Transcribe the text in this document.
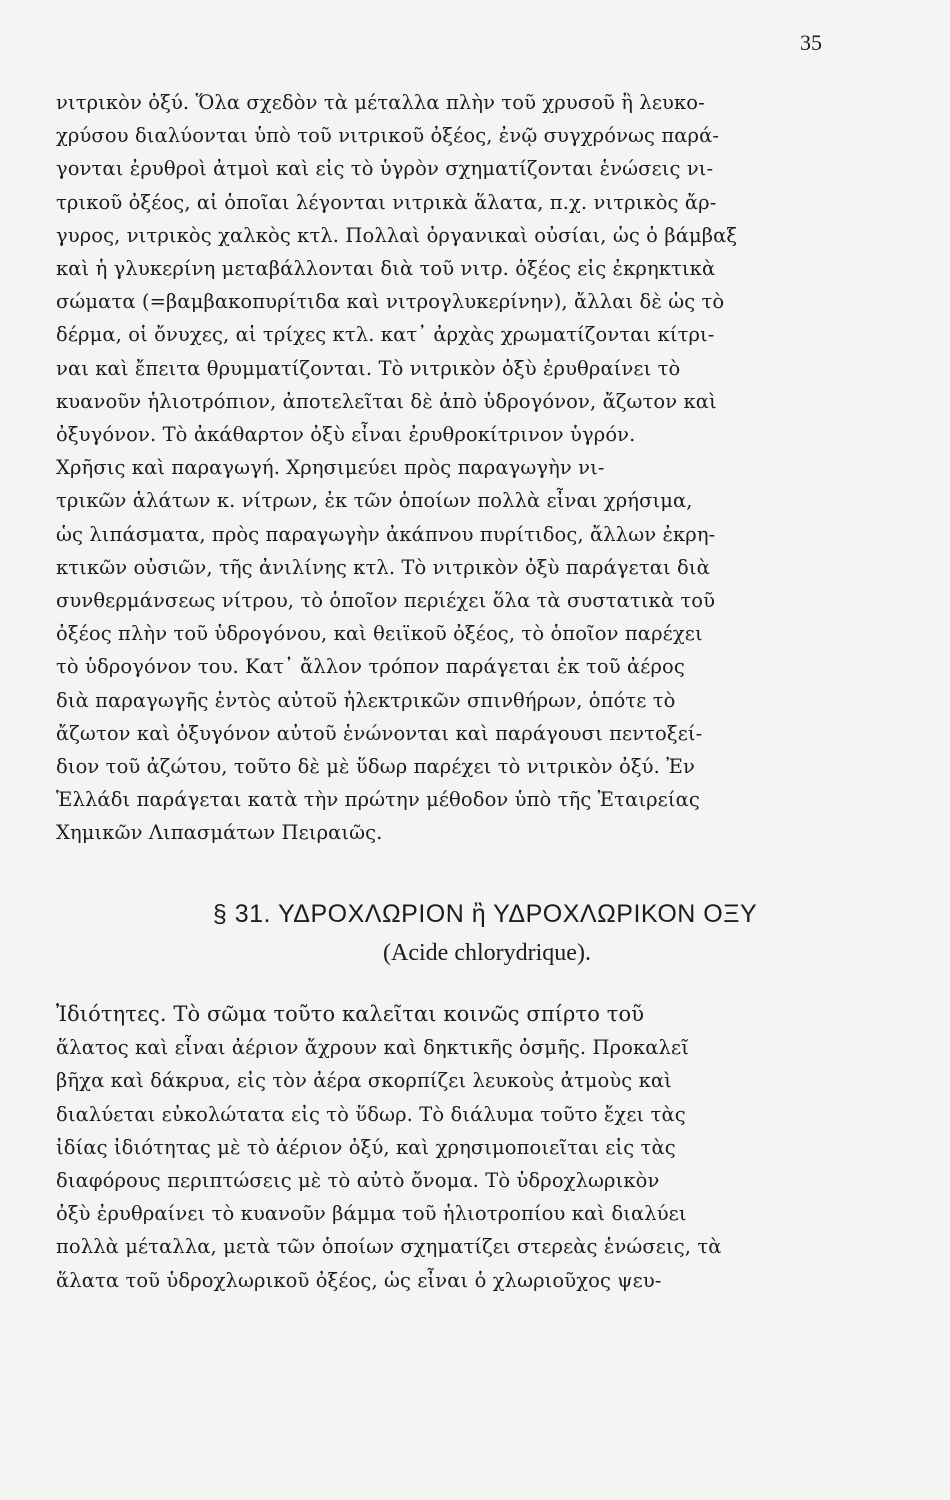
35
νιτρικὸν ὀξύ. Ὅλα σχεδὸν τὰ μέταλλα πλὴν τοῦ χρυσοῦ ἢ λευκο-
χρύσου διαλύονται ὑπὸ τοῦ νιτρικοῦ ὀξέος, ἐνῷ συγχρόνως παρά-
γονται ἐρυθροὶ ἀτμοὶ καὶ εἰς τὸ ὑγρὸν σχηματίζονται ἑνώσεις νι-
τρικοῦ ὀξέος, αἱ ὁποῖαι λέγονται νιτρικὰ ἅλατα, π.χ. νιτρικὸς ἄρ-
γυρος, νιτρικὸς χαλκὸς κτλ. Πολλαὶ ὀργανικαὶ οὐσίαι, ὡς ὁ βάμβαξ
καὶ ἡ γλυκερίνη μεταβάλλονται διὰ τοῦ νιτρ. ὀξέος εἰς ἐκρηκτικὰ
σώματα (=βαμβακοπυρίτιδα καὶ νιτρογλυκερίνην), ἄλλαι δὲ ὡς τὸ
δέρμα, οἱ ὄνυχες, αἱ τρίχες κτλ. κατ᾽ ἀρχὰς χρωματίζονται κίτρι-
ναι καὶ ἔπειτα θρυμματίζονται. Τὸ νιτρικὸν ὀξὺ ἐρυθραίνει τὸ
κυανοῦν ἡλιοτρόπιον, ἀποτελεῖται δὲ ἀπὸ ὑδρογόνον, ἄζωτον καὶ
ὀξυγόνον. Τὸ ἀκάθαρτον ὀξὺ εἶναι ἐρυθροκίτρινον ὑγρόν.
Χρῆσις καὶ παραγωγή. Χρησιμεύει πρὸς παραγωγὴν νι-
τρικῶν ἁλάτων κ. νίτρων, ἐκ τῶν ὁποίων πολλὰ εἶναι χρήσιμα,
ὡς λιπάσματα, πρὸς παραγωγὴν ἀκάπνου πυρίτιδος, ἄλλων ἐκρη-
κτικῶν οὐσιῶν, τῆς ἀνιλίνης κτλ. Τὸ νιτρικὸν ὀξὺ παράγεται διὰ
συνθερμάνσεως νίτρου, τὸ ὁποῖον περιέχει ὅλα τὰ συστατικὰ τοῦ
ὀξέος πλὴν τοῦ ὑδρογόνου, καὶ θειϊκοῦ ὀξέος, τὸ ὁποῖον παρέχει
τὸ ὑδρογόνον του. Κατ᾽ ἄλλον τρόπον παράγεται ἐκ τοῦ ἀέρος
διὰ παραγωγῆς ἐντὸς αὐτοῦ ἠλεκτρικῶν σπινθήρων, ὁπότε τὸ
ἄζωτον καὶ ὀξυγόνον αὐτοῦ ἑνώνονται καὶ παράγουσι πεντοξεί-
διον τοῦ ἀζώτου, τοῦτο δὲ μὲ ὕδωρ παρέχει τὸ νιτρικὸν ὀξύ. Ἐν
Ἑλλάδι παράγεται κατὰ τὴν πρώτην μέθοδον ὑπὸ τῆς Ἑταιρείας
Χημικῶν Λιπασμάτων Πειραιῶς.
§ 31. ΥΔΡΟΧΛΩΡΙΟΝ ἢ ΥΔΡΟΧΛΩΡΙΚΟΝ ΟΞΥ
(Acide chlorydrique).
Ἰδιότητες. Τὸ σῶμα τοῦτο καλεῖται κοινῶς σπίρτο τοῦ
ἅλατος καὶ εἶναι ἀέριον ἄχρουν καὶ δηκτικῆς ὀσμῆς. Προκαλεῖ
βῆχα καὶ δάκρυα, εἰς τὸν ἀέρα σκορπίζει λευκοὺς ἀτμοὺς καὶ
διαλύεται εὐκολώτατα εἰς τὸ ὕδωρ. Τὸ διάλυμα τοῦτο ἔχει τὰς
ἰδίας ἰδιότητας μὲ τὸ ἀέριον ὀξύ, καὶ χρησιμοποιεῖται εἰς τὰς
διαφόρους περιπτώσεις μὲ τὸ αὐτὸ ὄνομα. Τὸ ὑδροχλωρικὸν
ὀξὺ ἐρυθραίνει τὸ κυανοῦν βάμμα τοῦ ἡλιοτροπίου καὶ διαλύει
πολλὰ μέταλλα, μετὰ τῶν ὁποίων σχηματίζει στερεὰς ἑνώσεις, τὰ
ἅλατα τοῦ ὑδροχλωρικοῦ ὀξέος, ὡς εἶναι ὁ χλωριοῦχος ψευ-
